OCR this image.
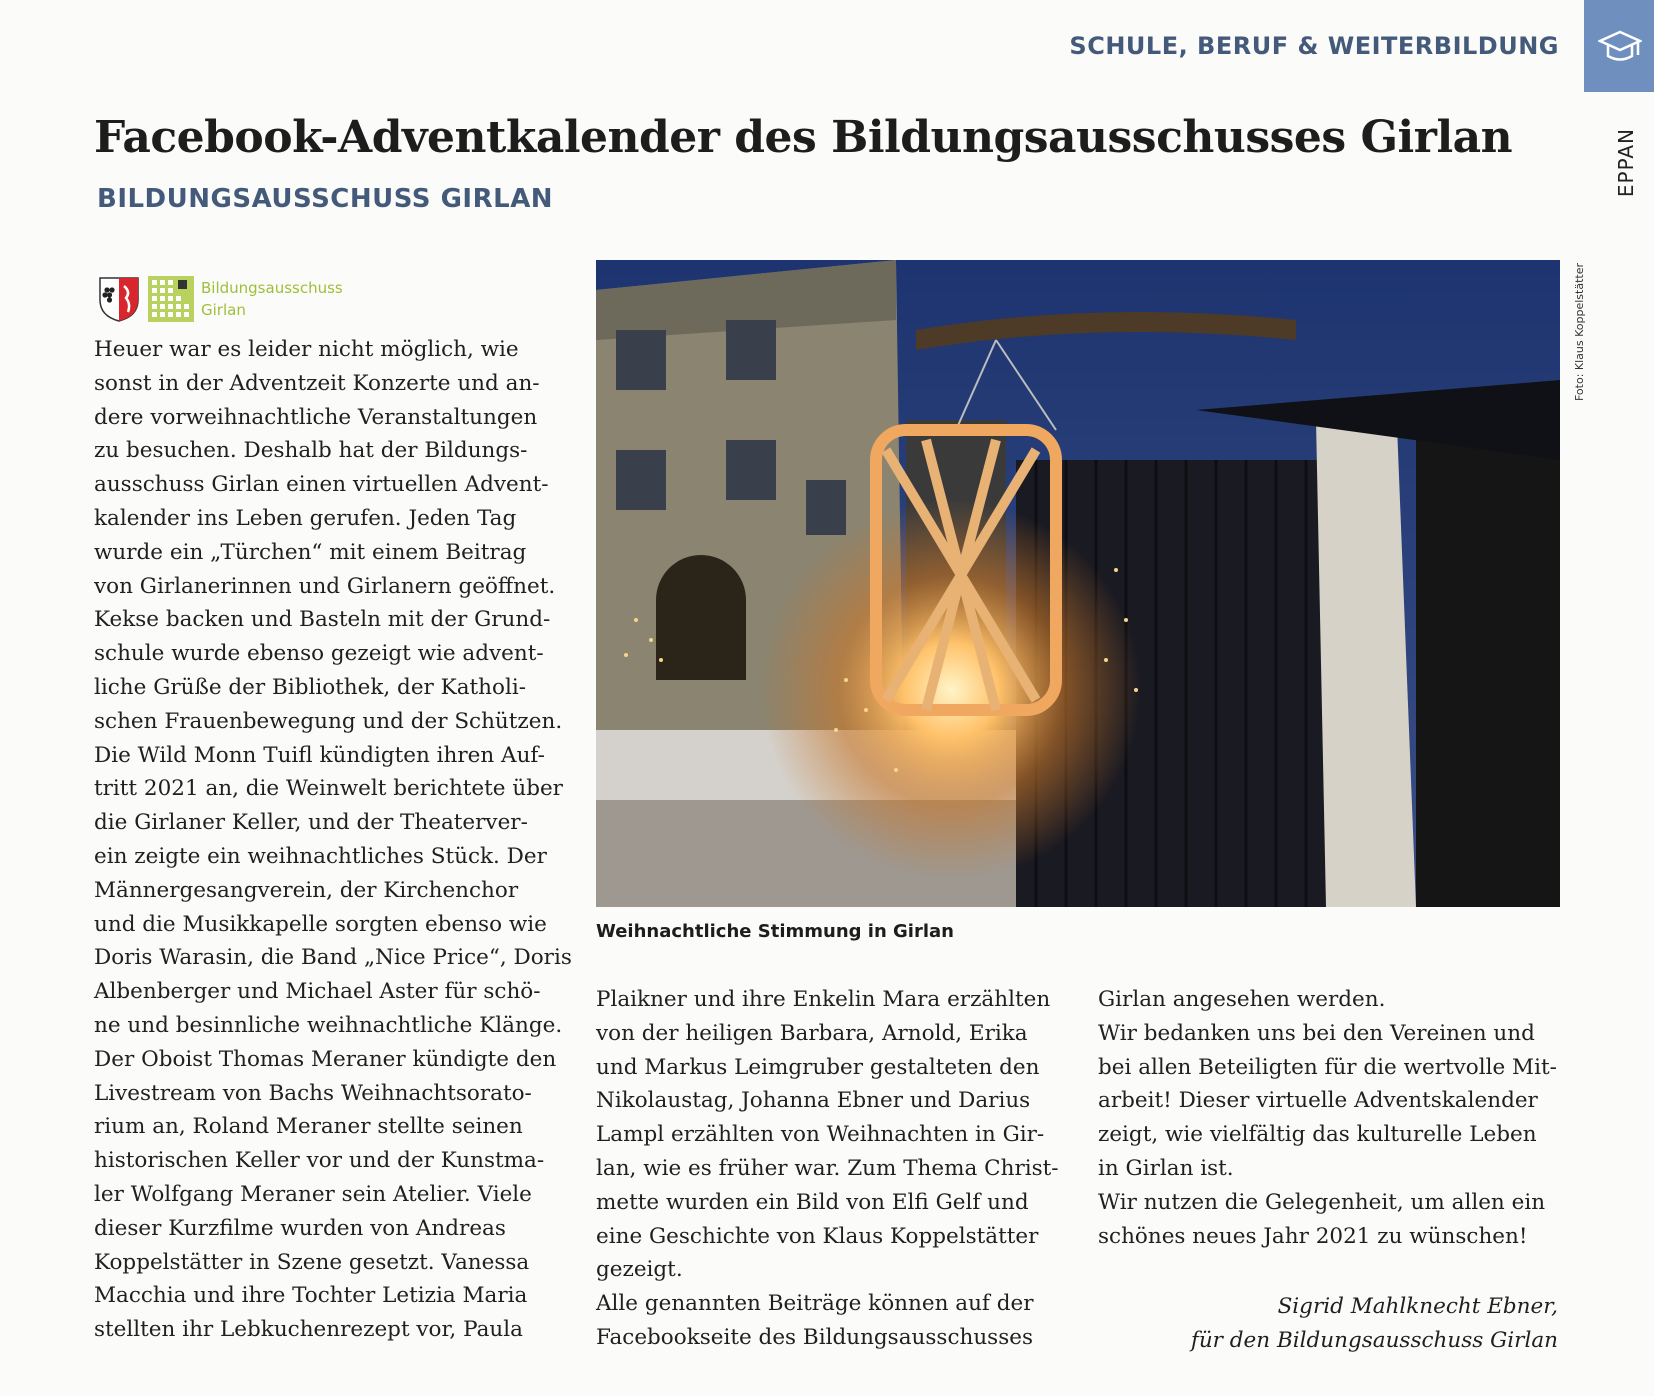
SCHULE, BERUF & WEITERBILDUNG
EPPAN
Facebook-Adventkalender des Bildungsausschusses Girlan
BILDUNGSAUSSCHUSS GIRLAN
Bildungsausschuss
Girlan
Heuer war es leider nicht möglich, wie
sonst in der Adventzeit Konzerte und an-
dere vorweihnachtliche Veranstaltungen
zu besuchen. Deshalb hat der Bildungs-
ausschuss Girlan einen virtuellen Advent-
kalender ins Leben gerufen. Jeden Tag
wurde ein „Türchen“ mit einem Beitrag
von Girlanerinnen und Girlanern geöffnet.
Kekse backen und Basteln mit der Grund-
schule wurde ebenso gezeigt wie advent-
liche Grüße der Bibliothek, der Katholi-
schen Frauenbewegung und der Schützen.
Die Wild Monn Tuifl kündigten ihren Auf-
tritt 2021 an, die Weinwelt berichtete über
die Girlaner Keller, und der Theaterver-
ein zeigte ein weihnachtliches Stück. Der
Männergesangverein, der Kirchenchor
und die Musikkapelle sorgten ebenso wie
Doris Warasin, die Band „Nice Price“, Doris
Albenberger und Michael Aster für schö-
ne und besinnliche weihnachtliche Klänge.
Der Oboist Thomas Meraner kündigte den
Livestream von Bachs Weihnachtsorato-
rium an, Roland Meraner stellte seinen
historischen Keller vor und der Kunstma-
ler Wolfgang Meraner sein Atelier. Viele
dieser Kurzfilme wurden von Andreas
Koppelstätter in Szene gesetzt. Vanessa
Macchia und ihre Tochter Letizia Maria
stellten ihr Lebkuchenrezept vor, Paula
Foto: Klaus Koppelstätter
Weihnachtliche Stimmung in Girlan
Plaikner und ihre Enkelin Mara erzählten
von der heiligen Barbara, Arnold, Erika
und Markus Leimgruber gestalteten den
Nikolaustag, Johanna Ebner und Darius
Lampl erzählten von Weihnachten in Gir-
lan, wie es früher war. Zum Thema Christ-
mette wurden ein Bild von Elfi Gelf und
eine Geschichte von Klaus Koppelstätter
gezeigt.
Alle genannten Beiträge können auf der
Facebookseite des Bildungsausschusses
Girlan angesehen werden.
Wir bedanken uns bei den Vereinen und
bei allen Beteiligten für die wertvolle Mit-
arbeit! Dieser virtuelle Adventskalender
zeigt, wie vielfältig das kulturelle Leben
in Girlan ist.
Wir nutzen die Gelegenheit, um allen ein
schönes neues Jahr 2021 zu wünschen!
Sigrid Mahlknecht Ebner,
für den Bildungsausschuss Girlan
